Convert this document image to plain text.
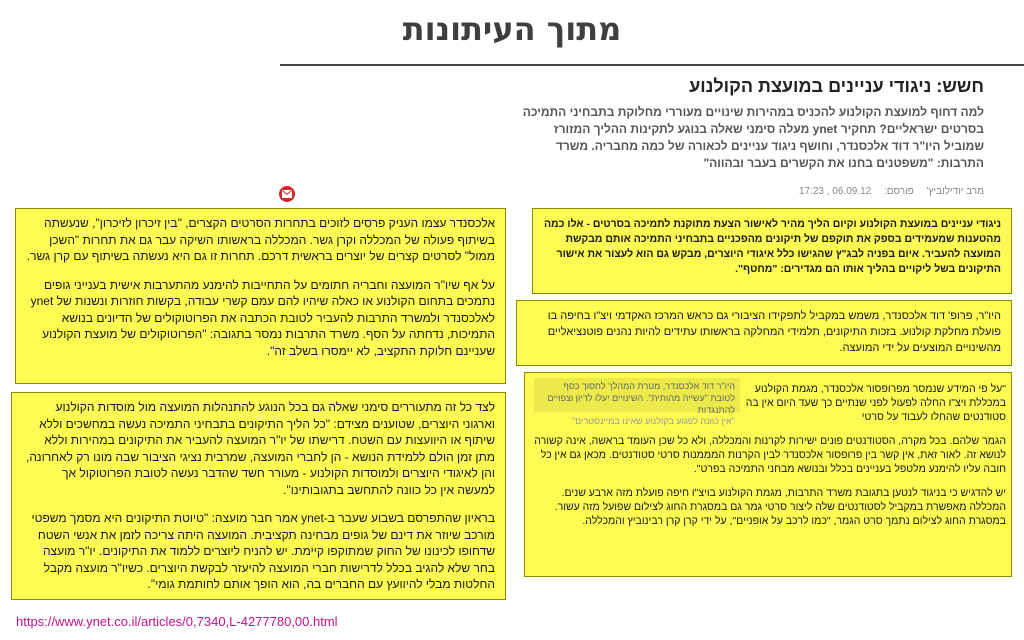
מתוך העיתונות
חשש: ניגודי עניינים במועצת הקולנוע
למה דחוף למועצת הקולנוע להכניס במהירות שינויים מעוררי מחלוקת בתבחיני התמיכה בסרטים ישראליים? תחקיר ynet מעלה סימני שאלה בנוגע לתקינות ההליך המזורז שמוביל היו"ר דוד אלכסנדר, וחושף ניגוד עניינים לכאורה של כמה מחבריה. משרד התרבות: "משפטנים בחנו את הקשרים בעבר ובהווה"
מרב יודילוביץ' פורסם: 06.09.12 , 17:23

אלכסנדר עצמו העניק פרסים לזוכים בתחרות הסרטים הקצרים, "בין זיכרון לזיכרון", שנעשתה בשיתוף פעולה של המכללה וקרן גשר. המכללה בראשותו השיקה עבר גם את תחרות "השכן ממול" לסרטים קצרים של יוצרים בראשית דרכם. תחרות זו גם היא נעשתה בשיתוף עם קרן גשר.

על אף שיו"ר המועצה וחבריה חתומים על התחייבות להימנע מהתערבות אישית בענייני גופים נתמכים בתחום הקולנוע או כאלה שיהיו להם עמם קשרי עבודה, בקשות חוזרות ונשנות של ynet לאלכסנדר ולמשרד התרבות להעביר לטובת הכתבה את הפרוטוקולים של הדיונים בנושא התמיכות, נדחתה על הסף. משרד התרבות נמסר בתגובה: "הפרוטוקולים של מועצת הקולנוע שעניינם חלוקת התקציב, לא יימסרו בשלב זה".

לצד כל זה מתעוררים סימני שאלה גם בכל הנוגע להתנהלות המועצה מול מוסדות הקולנוע וארגוני היוצרים, שטוענים מצידם: "כל הליך התיקונים בתבחיני התמיכה נעשה במחשכים וללא שיתוף או היוועצות עם השטח. דרישתו של יו"ר המועצה להעביר את התיקונים במהירות וללא מתן זמן הולם ללמידת הנושא - הן לחברי המועצה, שמרבית נציגי הציבור שבה מונו רק לאחרונה, והן לאיגודי היוצרים ולמוסדות הקולנוע - מעורר חשד שהדבר נעשה לטובת הפרוטוקול אך למעשה אין כל כוונה להתחשב בתגובותינו".

בראיון שהתפרסם בשבוע שעבר ב-ynet אמר חבר מועצה: "טיוטת התיקונים היא מסמך משפטי מורכב שיוזר את דינם של גופים מבחינה תקציבית. המועצה היתה צריכה לזמן את אנשי השטח שדחופו לכינונו של החוק שמתוקפו קיימת. יש להניח ליוצרים ללמוד את התיקונים. יו"ר מועצה בחר שלא להגיב בכלל לדרישות חברי המועצה להיעזר לבקשת היוצרים. כשיו"ר מועצה מקבל החלטות מבלי להיוועץ עם החברים בה, הוא הופך אותם לחותמת גומי".

ניגודי עניינים במועצת הקולנוע וקיום הליך מהיר לאישור הצעת מתוקנת לתמיכה בסרטים - אלו כמה מהטענות שמעמידים בספק את תוקפם של תיקונים מהפכניים בתבחיני התמיכה אותם מבקשת המועצה להעביר. איום בפניה לבג"ץ שהגישו כלל איגודי היוצרים, מבקש גם הוא לעצור את אישור התיקונים בשל ליקויים בהליך אותו הם מגדירים: "מחטף".

היו"ר, פרופ' דוד אלכסנדר, משמש במקביל לתפקידו הציבורי גם כראש המרכז האקדמי ויצ"ו בחיפה בו פועלת מחלקת קולנוע. בזכות התיקונים, תלמידי המחלקה בראשותו עתידים להיות נהנים פוטנציאליים מהשינויים המוצעים על ידי המועצה.

היו"ר דוד אלכסנדר, מטרת המהלך לחסוך כסף לטובת "עשייה מהותית". השינויים יעלו לדיון וצפויים להתנגדות
"אין כוונה לפגוע בקולנוע שאינו במיינסטרים"
"על פי המידע שנמסר מפרופסור אלכסנדר, מגמת הקולנוע במכללת ויצ"ו החלה לפעול לפני שנתיים כך שעד היום אין בה סטודנטים שהחלו לעבוד על סרטי

הגמר שלהם. בכל מקרה, הסטודנטים פונים ישירות לקרנות והמכללה, ולא כל שכן העומד בראשה, אינה קשורה לנושא זה. לאור זאת, אין קשר בין פרופסור אלכסנדר לבין הקרנות המממנות סרטי סטודנטים. מכאן גם אין כל חובה עליו להימנע מלטפל בעניינים בכלל ובנושא מבחני התמיכה בפרט".

יש להדגיש כי בניגוד לנטען בתגובת משרד התרבות, מגמת הקולנוע בויצ"ו חיפה פועלת מזה ארבע שנים. המכללה מאפשרת במקביל לסטודנטים שלה ליצור סרטי גמר גם במסגרת החוג לצילום שפועל מזה עשור. במסגרת החוג לצילום נתמך סרט הגמר, "כמו לרכב על אופניים", על ידי קרן קרן רבינוביץ והמכללה.

https://www.ynet.co.il/articles/0,7340,L-4277780,00.html
